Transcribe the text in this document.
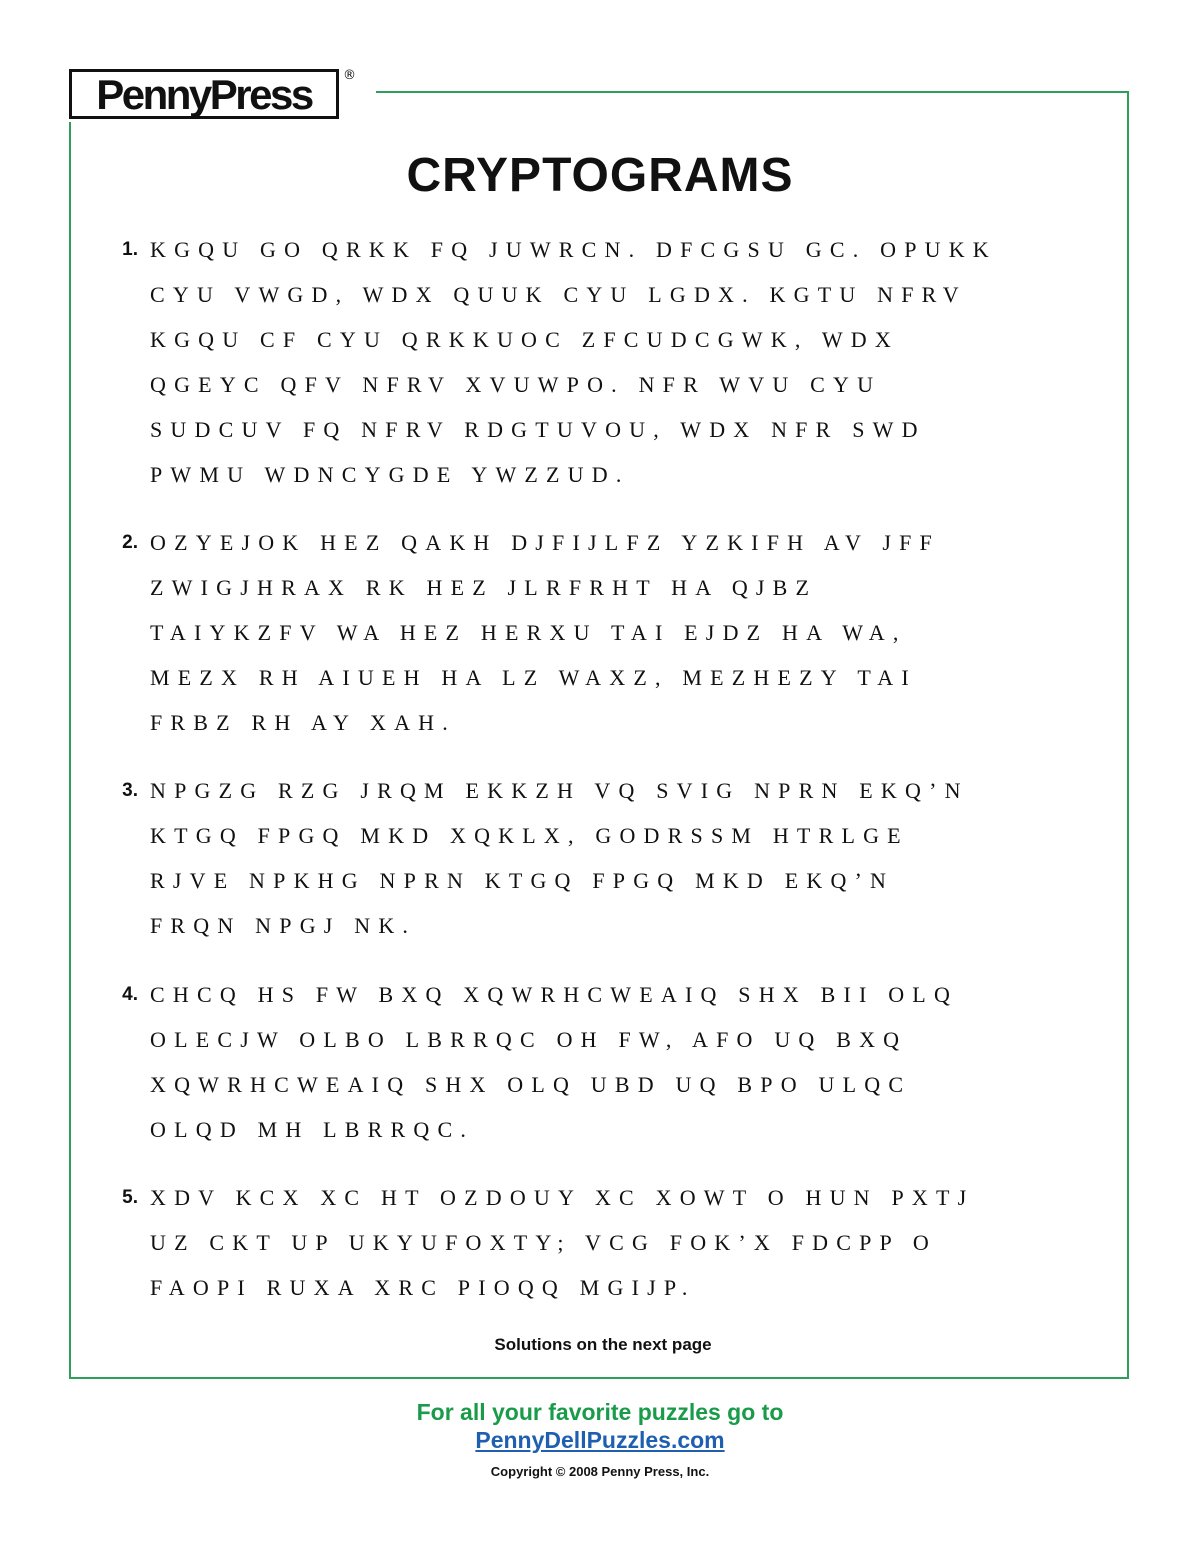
PennyPress ®
CRYPTOGRAMS
1. KGQU GO QRKK FQ JUWRCN. DFCGSU GC. OPUKK
CYU VWGD, WDX QUUK CYU LGDX. KGTU NFRV
KGQU CF CYU QRKKUOC ZFCUDCGWK, WDX
QGEYC QFV NFRV XVUWPO. NFR WVU CYU
SUDCUV FQ NFRV RDGTUVOU, WDX NFR SWD
PWMU WDNCYGDE YWZZUD.
2. OZYEJOK HEZ QAKH DJFIJLFZ YZKIFH AV JFF
ZWIGJHRAX RK HEZ JLRFRHT HA QJBZ
TAIYKZFV WA HEZ HERXU TAI EJDZ HA WA,
MEZX RH AIUEH HA LZ WAXZ, MEZHEZY TAI
FRBZ RH AY XAH.
3. NPGZG RZG JRQM EKKZH VQ SVIG NPRN EKQ’N
KTGQ FPGQ MKD XQKLX, GODRSSM HTRLGE
RJVE NPKHG NPRN KTGQ FPGQ MKD EKQ’N
FRQN NPGJ NK.
4. CHCQ HS FW BXQ XQWRHCWEAIQ SHX BII OLQ
OLECJW OLBO LBRRQC OH FW, AFO UQ BXQ
XQWRHCWEAIQ SHX OLQ UBD UQ BPO ULQC
OLQD MH LBRRQC.
5. XDV KCX XC HT OZDOUY XC XOWT O HUN PXTJ
UZ CKT UP UKYUFOXTY; VCG FOK’X FDCPP O
FAOPI RUXA XRC PIOQQ MGIJP.
Solutions on the next page
For all your favorite puzzles go to
PennyDellPuzzles.com
Copyright © 2008 Penny Press, Inc.
